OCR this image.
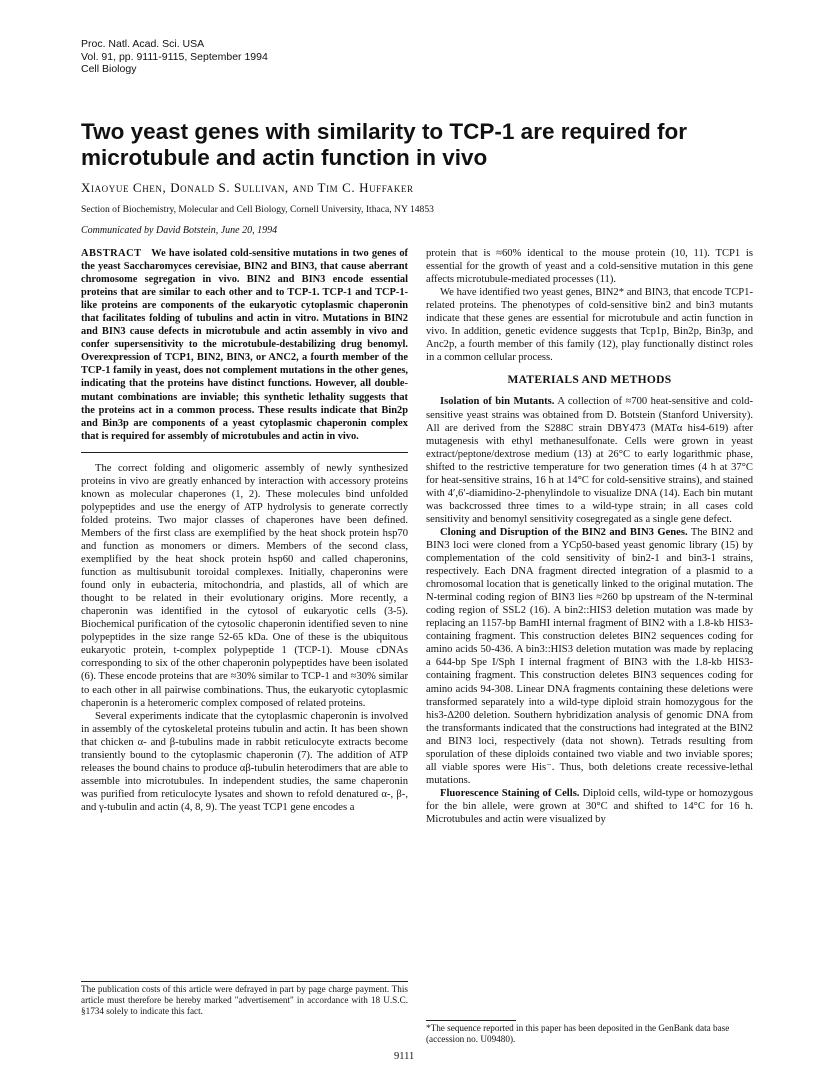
Proc. Natl. Acad. Sci. USA
Vol. 91, pp. 9111-9115, September 1994
Cell Biology
Two yeast genes with similarity to TCP-1 are required for microtubule and actin function in vivo
Xiaoyue Chen, Donald S. Sullivan, and Tim C. Huffaker
Section of Biochemistry, Molecular and Cell Biology, Cornell University, Ithaca, NY 14853
Communicated by David Botstein, June 20, 1994

ABSTRACT We have isolated cold-sensitive mutations in two genes of the yeast Saccharomyces cerevisiae, BIN2 and BIN3, that cause aberrant chromosome segregation in vivo. BIN2 and BIN3 encode essential proteins that are similar to each other and to TCP-1. TCP-1 and TCP-1-like proteins are components of the eukaryotic cytoplasmic chaperonin that facilitates folding of tubulins and actin in vitro. Mutations in BIN2 and BIN3 cause defects in microtubule and actin assembly in vivo and confer supersensitivity to the microtubule-destabilizing drug benomyl. Overexpression of TCP1, BIN2, BIN3, or ANC2, a fourth member of the TCP-1 family in yeast, does not complement mutations in the other genes, indicating that the proteins have distinct functions. However, all double-mutant combinations are inviable; this synthetic lethality suggests that the proteins act in a common process. These results indicate that Bin2p and Bin3p are components of a yeast cytoplasmic chaperonin complex that is required for assembly of microtubules and actin in vivo.

The correct folding and oligomeric assembly of newly synthesized proteins in vivo are greatly enhanced by interaction with accessory proteins known as molecular chaperones (1, 2). These molecules bind unfolded polypeptides and use the energy of ATP hydrolysis to generate correctly folded proteins. Two major classes of chaperones have been defined. Members of the first class are exemplified by the heat shock protein hsp70 and function as monomers or dimers. Members of the second class, exemplified by the heat shock protein hsp60 and called chaperonins, function as multisubunit toroidal complexes. Initially, chaperonins were found only in eubacteria, mitochondria, and plastids, all of which are thought to be related in their evolutionary origins. More recently, a chaperonin was identified in the cytosol of eukaryotic cells (3-5). Biochemical purification of the cytosolic chaperonin identified seven to nine polypeptides in the size range 52-65 kDa. One of these is the ubiquitous eukaryotic protein, t-complex polypeptide 1 (TCP-1). Mouse cDNAs corresponding to six of the other chaperonin polypeptides have been isolated (6). These encode proteins that are ≈30% similar to TCP-1 and ≈30% similar to each other in all pairwise combinations. Thus, the eukaryotic cytoplasmic chaperonin is a heteromeric complex composed of related proteins.

Several experiments indicate that the cytoplasmic chaperonin is involved in assembly of the cytoskeletal proteins tubulin and actin. It has been shown that chicken α- and β-tubulins made in rabbit reticulocyte extracts become transiently bound to the cytoplasmic chaperonin (7). The addition of ATP releases the bound chains to produce αβ-tubulin heterodimers that are able to assemble into microtubules. In independent studies, the same chaperonin was purified from reticulocyte lysates and shown to refold denatured α-, β-, and γ-tubulin and actin (4, 8, 9). The yeast TCP1 gene encodes a

protein that is ≈60% identical to the mouse protein (10, 11). TCP1 is essential for the growth of yeast and a cold-sensitive mutation in this gene affects microtubule-mediated processes (11).

We have identified two yeast genes, BIN2* and BIN3, that encode TCP1-related proteins. The phenotypes of cold-sensitive bin2 and bin3 mutants indicate that these genes are essential for microtubule and actin function in vivo. In addition, genetic evidence suggests that Tcp1p, Bin2p, Bin3p, and Anc2p, a fourth member of this family (12), play functionally distinct roles in a common cellular process.

MATERIALS AND METHODS

Isolation of bin Mutants. A collection of ≈700 heat-sensitive and cold-sensitive yeast strains was obtained from D. Botstein (Stanford University). All are derived from the S288C strain DBY473 (MATα his4-619) after mutagenesis with ethyl methanesulfonate. Cells were grown in yeast extract/peptone/dextrose medium (13) at 26°C to early logarithmic phase, shifted to the restrictive temperature for two generation times (4 h at 37°C for heat-sensitive strains, 16 h at 14°C for cold-sensitive strains), and stained with 4′,6′-diamidino-2-phenylindole to visualize DNA (14). Each bin mutant was backcrossed three times to a wild-type strain; in all cases cold sensitivity and benomyl sensitivity cosegregated as a single gene defect.

Cloning and Disruption of the BIN2 and BIN3 Genes. The BIN2 and BIN3 loci were cloned from a YCp50-based yeast genomic library (15) by complementation of the cold sensitivity of bin2-1 and bin3-1 strains, respectively. Each DNA fragment directed integration of a plasmid to a chromosomal location that is genetically linked to the original mutation. The N-terminal coding region of BIN3 lies ≈260 bp upstream of the N-terminal coding region of SSL2 (16). A bin2::HIS3 deletion mutation was made by replacing an 1157-bp BamHI internal fragment of BIN2 with a 1.8-kb HIS3-containing fragment. This construction deletes BIN2 sequences coding for amino acids 50-436. A bin3::HIS3 deletion mutation was made by replacing a 644-bp Spe I/Sph I internal fragment of BIN3 with the 1.8-kb HIS3-containing fragment. This construction deletes BIN3 sequences coding for amino acids 94-308. Linear DNA fragments containing these deletions were transformed separately into a wild-type diploid strain homozygous for the his3-Δ200 deletion. Southern hybridization analysis of genomic DNA from the transformants indicated that the constructions had integrated at the BIN2 and BIN3 loci, respectively (data not shown). Tetrads resulting from sporulation of these diploids contained two viable and two inviable spores; all viable spores were His⁻. Thus, both deletions create recessive-lethal mutations.

Fluorescence Staining of Cells. Diploid cells, wild-type or homozygous for the bin allele, were grown at 30°C and shifted to 14°C for 16 h. Microtubules and actin were visualized by

The publication costs of this article were defrayed in part by page charge payment. This article must therefore be hereby marked "advertisement" in accordance with 18 U.S.C. §1734 solely to indicate this fact.
*The sequence reported in this paper has been deposited in the GenBank data base (accession no. U09480).
9111
